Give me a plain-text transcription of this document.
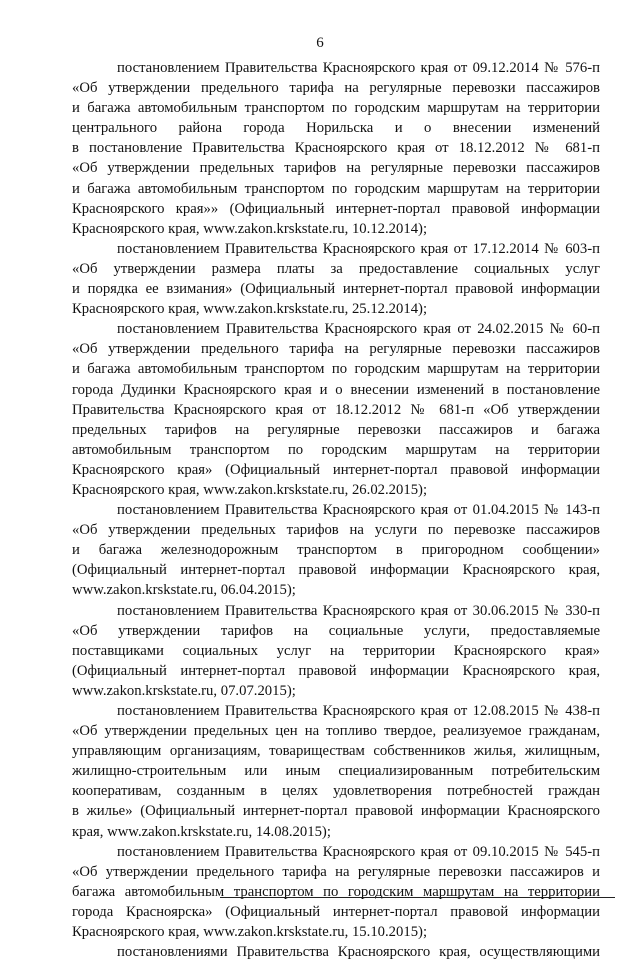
6
постановлением Правительства Красноярского края от 09.12.2014 № 576-п
«Об утверждении предельного тарифа на регулярные перевозки пассажиров
и багажа автомобильным транспортом по городским маршрутам на территории
центрального района города Норильска и о внесении изменений
в постановление Правительства Красноярского края от 18.12.2012 № 681-п
«Об утверждении предельных тарифов на регулярные перевозки пассажиров
и багажа автомобильным транспортом по городским маршрутам на территории
Красноярского края»» (Официальный интернет-портал правовой информации
Красноярского края, www.zakon.krskstate.ru, 10.12.2014);
постановлением Правительства Красноярского края от 17.12.2014 № 603-п
«Об утверждении размера платы за предоставление социальных услуг
и порядка ее взимания» (Официальный интернет-портал правовой информации
Красноярского края, www.zakon.krskstate.ru, 25.12.2014);
постановлением Правительства Красноярского края от 24.02.2015 № 60-п
«Об утверждении предельного тарифа на регулярные перевозки пассажиров
и багажа автомобильным транспортом по городским маршрутам на территории
города Дудинки Красноярского края и о внесении изменений в постановление
Правительства Красноярского края от 18.12.2012 № 681-п «Об утверждении
предельных тарифов на регулярные перевозки пассажиров и багажа
автомобильным транспортом по городским маршрутам на территории
Красноярского края» (Официальный интернет-портал правовой информации
Красноярского края, www.zakon.krskstate.ru, 26.02.2015);
постановлением Правительства Красноярского края от 01.04.2015 № 143-п
«Об утверждении предельных тарифов на услуги по перевозке пассажиров
и багажа железнодорожным транспортом в пригородном сообщении»
(Официальный интернет-портал правовой информации Красноярского края,
www.zakon.krskstate.ru, 06.04.2015);
постановлением Правительства Красноярского края от 30.06.2015 № 330-п
«Об утверждении тарифов на социальные услуги, предоставляемые
поставщиками социальных услуг на территории Красноярского края»
(Официальный интернет-портал правовой информации Красноярского края,
www.zakon.krskstate.ru, 07.07.2015);
постановлением Правительства Красноярского края от 12.08.2015 № 438-п
«Об утверждении предельных цен на топливо твердое, реализуемое гражданам,
управляющим организациям, товариществам собственников жилья, жилищным,
жилищно-строительным или иным специализированным потребительским
кооперативам, созданным в целях удовлетворения потребностей граждан
в жилье» (Официальный интернет-портал правовой информации Красноярского
края, www.zakon.krskstate.ru, 14.08.2015);
постановлением Правительства Красноярского края от 09.10.2015 № 545-п
«Об утверждении предельного тарифа на регулярные перевозки пассажиров и
багажа автомобильным транспортом по городским маршрутам на территории
города Красноярска» (Официальный интернет-портал правовой информации
Красноярского края, www.zakon.krskstate.ru, 15.10.2015);
постановлениями Правительства Красноярского края, осуществляющими
